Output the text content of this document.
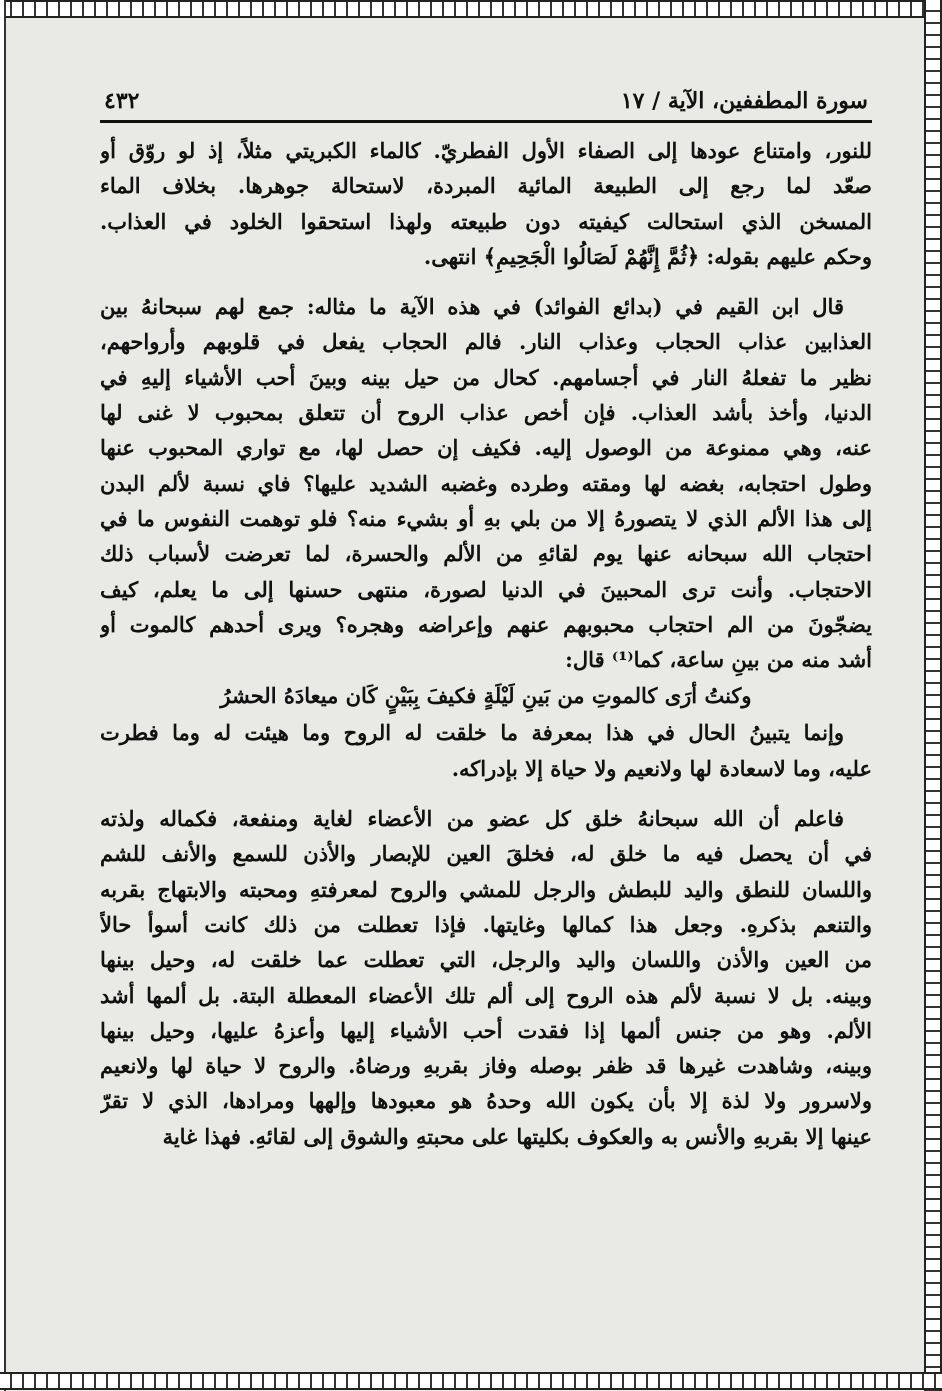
سورة المطففين، الآية / ١٧
٤٣٢
للنور، وامتناع عودها إلى الصفاء الأول الفطريّ. كالماء الكبريتي مثلاً، إذ لو روّق أو
صعّد لما رجع إلى الطبيعة المائية المبردة، لاستحالة جوهرها. بخلاف الماء
المسخن الذي استحالت كيفيته دون طبيعته ولهذا استحقوا الخلود في العذاب.
وحكم عليهم بقوله: ﴿ثُمَّ إِنَّهُمْ لَصَالُوا الْجَحِيمِ﴾ انتهى.
قال ابن القيم في (بدائع الفوائد) في هذه الآية ما مثاله: جمع لهم سبحانهُ بين
العذابين عذاب الحجاب وعذاب النار. فالم الحجاب يفعل في قلوبهم وأرواحهم،
نظير ما تفعلهُ النار في أجسامهم. كحال من حيل بينه وبينَ أحب الأشياء إليهِ في
الدنيا، وأخذ بأشد العذاب. فإن أخص عذاب الروح أن تتعلق بمحبوب لا غنى لها
عنه، وهي ممنوعة من الوصول إليه. فكيف إن حصل لها، مع تواري المحبوب عنها
وطول احتجابه، بغضه لها ومقته وطرده وغضبه الشديد عليها؟ فاي نسبة لألم البدن
إلى هذا الألم الذي لا يتصورهُ إلا من بلي بهِ أو بشيء منه؟ فلو توهمت النفوس ما في
احتجاب الله سبحانه عنها يوم لقائهِ من الألم والحسرة، لما تعرضت لأسباب ذلك
الاحتجاب. وأنت ترى المحبينَ في الدنيا لصورة، منتهى حسنها إلى ما يعلم، كيف
يضجّونَ من الم احتجاب محبوبهم عنهم وإعراضه وهجره؟ ويرى أحدهم كالموت أو
أشد منه من بينِ ساعة، كما⁽¹⁾ قال:
وكنتُ أرَى كالموتِ من بَينِ لَيْلَةٍ فكيفَ بِبَيْنٍ كَان ميعادَهُ الحشرُ
وإنما يتبينُ الحال في هذا بمعرفة ما خلقت له الروح وما هيئت له وما فطرت
عليه، وما لاسعادة لها ولانعيم ولا حياة إلا بإدراكه.
فاعلم أن الله سبحانهُ خلق كل عضو من الأعضاء لغاية ومنفعة، فكماله ولذته
في أن يحصل فيه ما خلق له، فخلقَ العين للإبصار والأذن للسمع والأنف للشم
واللسان للنطق واليد للبطش والرجل للمشي والروح لمعرفتهِ ومحبته والابتهاج بقربه
والتنعم بذكرهِ. وجعل هذا كمالها وغايتها. فإذا تعطلت من ذلك كانت أسوأ حالاً
من العين والأذن واللسان واليد والرجل، التي تعطلت عما خلقت له، وحيل بينها
وبينه. بل لا نسبة لألم هذه الروح إلى ألم تلك الأعضاء المعطلة البتة. بل ألمها أشد
الألم. وهو من جنس ألمها إذا فقدت أحب الأشياء إليها وأعزهُ عليها، وحيل بينها
وبينه، وشاهدت غيرها قد ظفر بوصله وفاز بقربهِ ورضاهُ. والروح لا حياة لها ولانعيم
ولاسرور ولا لذة إلا بأن يكون الله وحدهُ هو معبودها وإلهها ومرادها، الذي لا تقرّ
عينها إلا بقربهِ والأنس به والعكوف بكليتها على محبتهِ والشوق إلى لقائهِ. فهذا غاية
